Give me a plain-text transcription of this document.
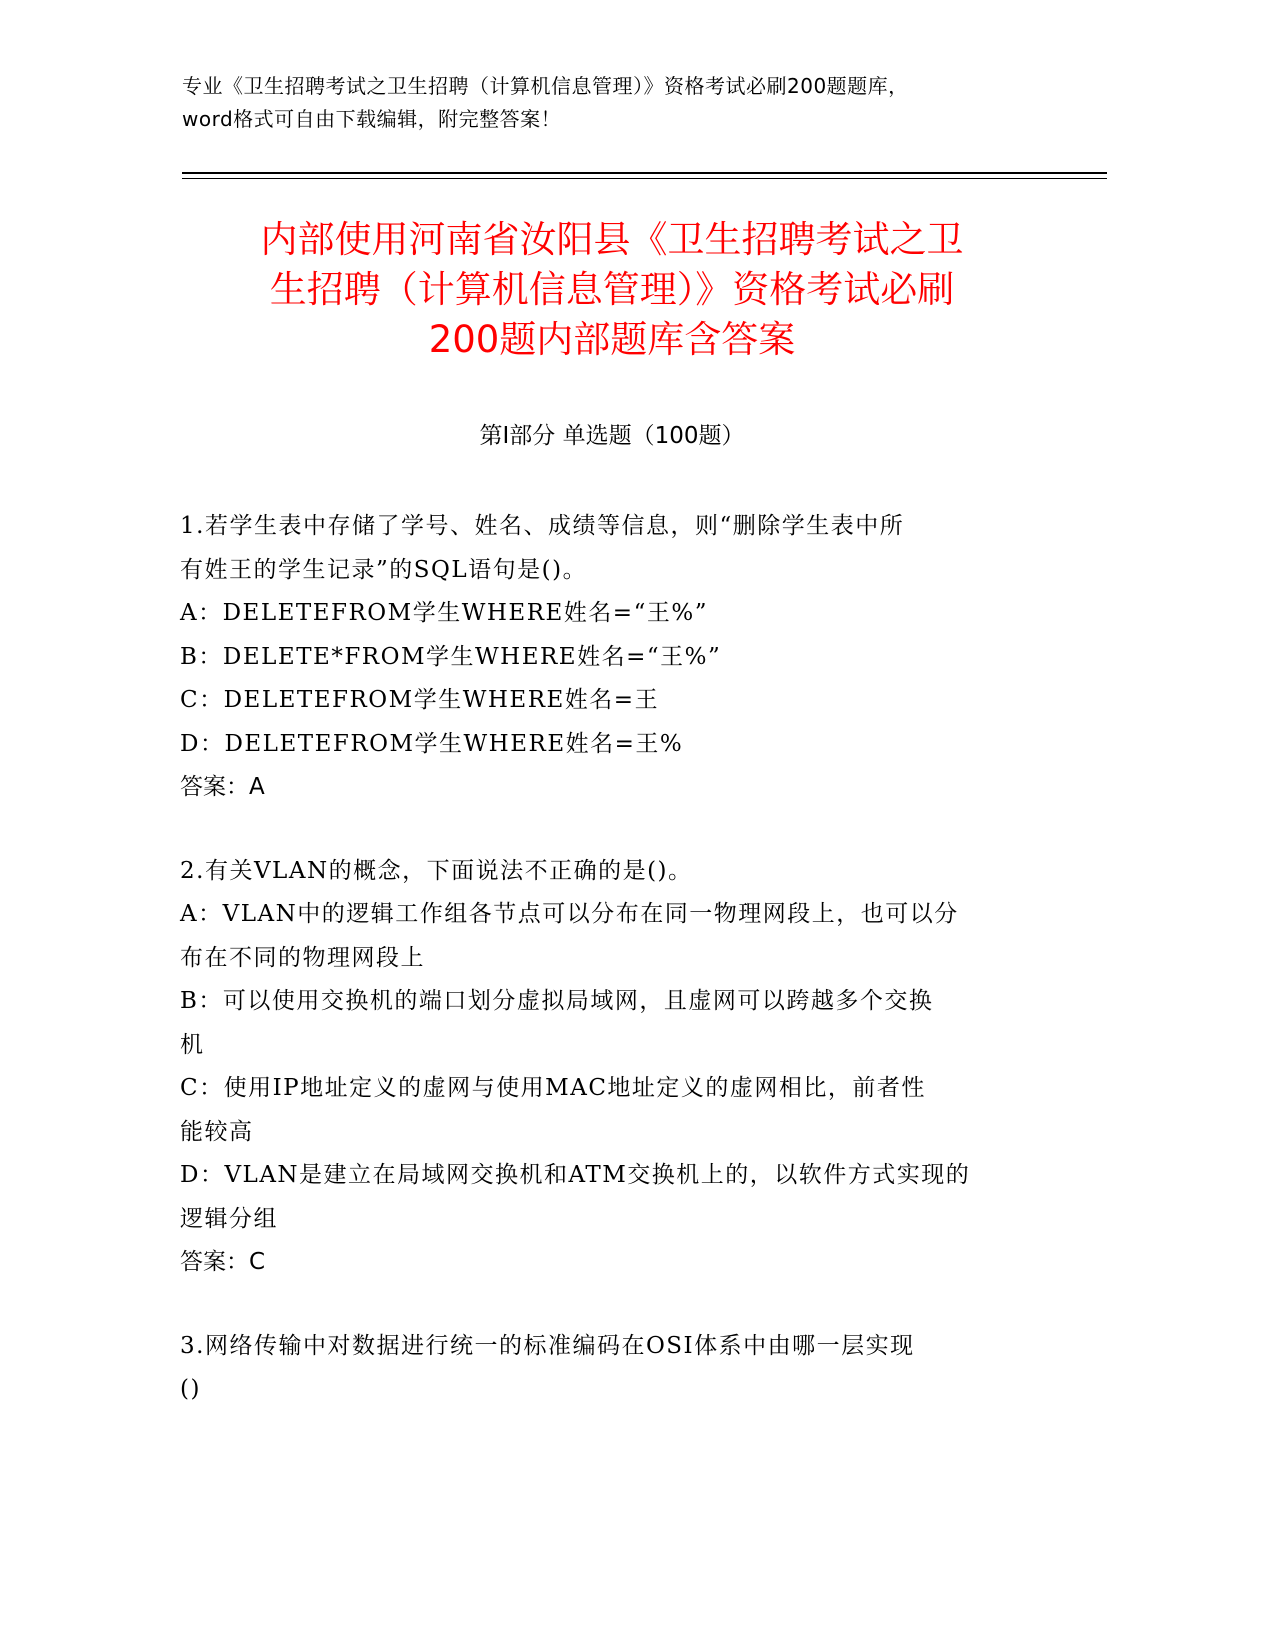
专业《卫生招聘考试之卫生招聘（计算机信息管理）》资格考试必刷200题题库，
word格式可自由下载编辑，附完整答案！
内部使用河南省汝阳县《卫生招聘考试之卫
生招聘（计算机信息管理）》资格考试必刷
200题内部题库含答案
第Ⅰ部分 单选题（100题）
1.若学生表中存储了学号、姓名、成绩等信息，则“删除学生表中所
有姓王的学生记录”的SQL语句是()。
A：DELETEFROM学生WHERE姓名=“王%”
B：DELETE*FROM学生WHERE姓名=“王%”
C：DELETEFROM学生WHERE姓名=王
D：DELETEFROM学生WHERE姓名=王%
答案：A
2.有关VLAN的概念，下面说法不正确的是()。
A：VLAN中的逻辑工作组各节点可以分布在同一物理网段上，也可以分
布在不同的物理网段上
B：可以使用交换机的端口划分虚拟局域网，且虚网可以跨越多个交换
机
C：使用IP地址定义的虚网与使用MAC地址定义的虚网相比，前者性
能较高
D：VLAN是建立在局域网交换机和ATM交换机上的，以软件方式实现的
逻辑分组
答案：C
3.网络传输中对数据进行统一的标准编码在OSI体系中由哪一层实现
()
